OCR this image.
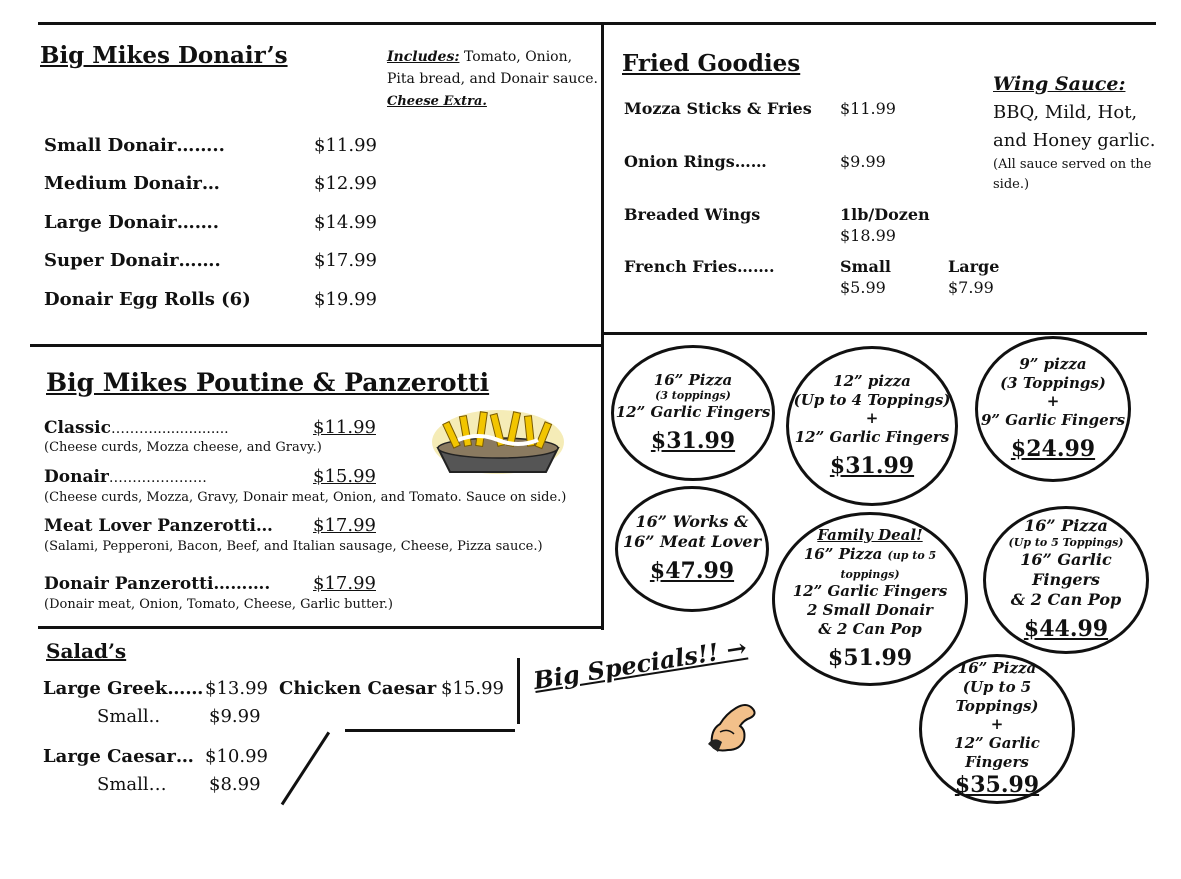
Big Mikes Donair’s	Includes: Tomato, Onion,
Pita bread, and Donair sauce.
Cheese Extra.
Small Donair……..	$11.99
Medium Donair…	$12.99
Large Donair…….	$14.99
Super Donair…….	$17.99
Donair Egg Rolls (6)	$19.99
Fried Goodies
Mozza Sticks & Fries $11.99
Onion Rings……	$9.99
Breaded Wings	1lb/Dozen
$18.99
French Fries…….	Small
$5.99
Large
$7.99
Wing Sauce:
BBQ, Mild, Hot,
and Honey garlic.
(All sauce served on the
side.)
Big Mikes Poutine & Panzerotti
Classic……….................	$11.99
(Cheese curds, Mozza cheese, and Gravy.)
Donair…………………	$15.99
(Cheese curds, Mozza, Gravy, Donair meat, Onion, and Tomato. Sauce on side.)
Meat Lover Panzerotti… $17.99
(Salami, Pepperoni, Bacon, Beef, and Italian sausage, Cheese, Pizza sauce.)
Donair Panzerotti………. $17.99
(Donair meat, Onion, Tomato, Cheese, Garlic butter.)
Salad’s
Large Greek…… $13.99
Small..	$9.99
Chicken Caesar $15.99
Large Caesar… $10.99
Small… $8.99
Big Specials!! →
16” Pizza
(3 toppings)
12” Garlic Fingers
$31.99
12” pizza
(Up to 4 Toppings)
+
12” Garlic Fingers
$31.99
9” pizza
(3 Toppings)
+
9” Garlic Fingers
$24.99
16” Works &
16” Meat Lover
$47.99
Family Deal!
16” Pizza (up to 5 toppings)
12” Garlic Fingers
2 Small Donair
& 2 Can Pop
$51.99
16” Pizza
(Up to 5 Toppings)
16” Garlic Fingers
& 2 Can Pop
$44.99
16” Pizza
(Up to 5 Toppings)
+
12” Garlic Fingers
$35.99
